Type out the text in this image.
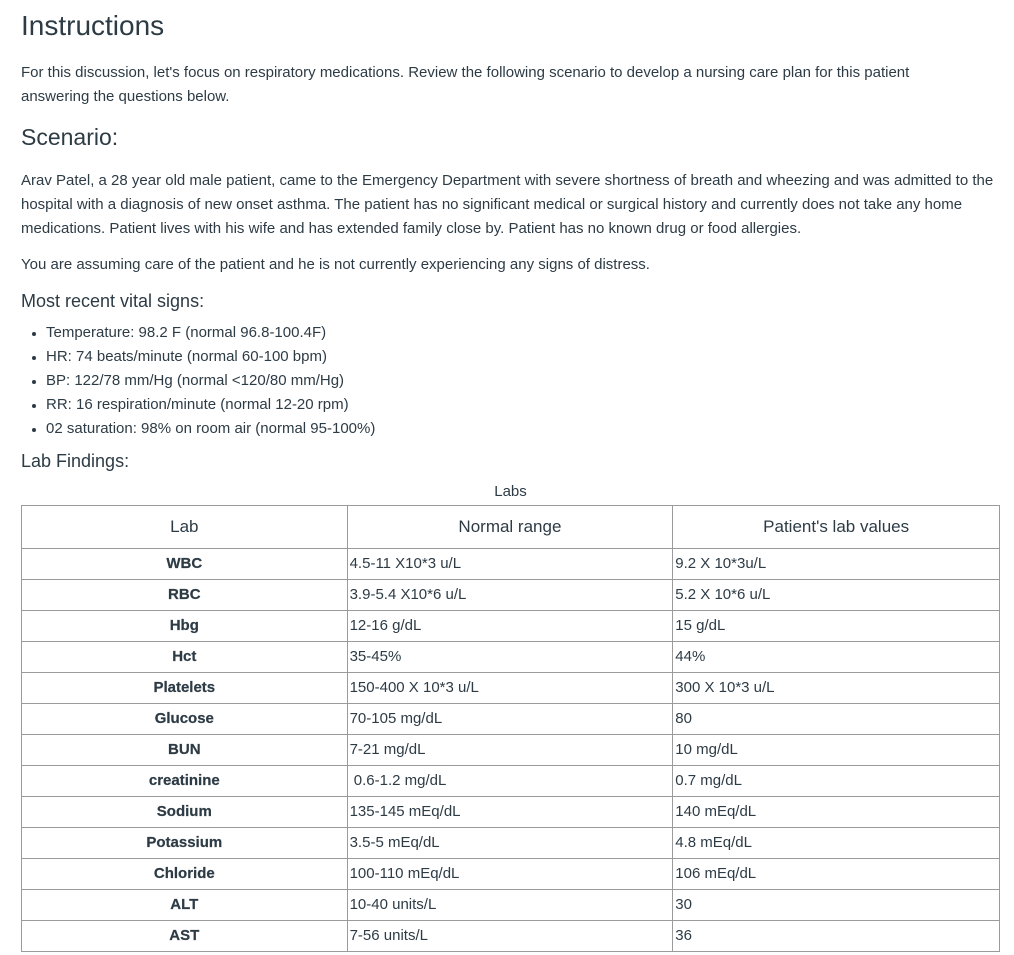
Instructions

For this discussion, let's focus on respiratory medications. Review the following scenario to develop a nursing care plan for this patient answering the questions below.

Scenario:

Arav Patel, a 28 year old male patient, came to the Emergency Department with severe shortness of breath and wheezing and was admitted to the hospital with a diagnosis of new onset asthma. The patient has no significant medical or surgical history and currently does not take any home medications. Patient lives with his wife and has extended family close by. Patient has no known drug or food allergies.

You are assuming care of the patient and he is not currently experiencing any signs of distress.

Most recent vital signs:
Temperature: 98.2 F (normal 96.8-100.4F)
HR: 74 beats/minute (normal 60-100 bpm)
BP: 122/78 mm/Hg (normal <120/80 mm/Hg)
RR: 16 respiration/minute (normal 12-20 rpm)
02 saturation: 98% on room air (normal 95-100%)
Lab Findings:
Labs
Lab	Normal range	Patient's lab values
WBC	4.5-11 X10*3 u/L	9.2 X 10*3u/L
RBC	3.9-5.4 X10*6 u/L	5.2 X 10*6 u/L
Hbg	12-16 g/dL	15 g/dL
Hct	35-45%	44%
Platelets	150-400 X 10*3 u/L	300 X 10*3 u/L
Glucose	70-105 mg/dL	80
BUN	7-21 mg/dL	10 mg/dL
creatinine	0.6-1.2 mg/dL	0.7 mg/dL
Sodium	135-145 mEq/dL	140 mEq/dL
Potassium	3.5-5 mEq/dL	4.8 mEq/dL
Chloride	100-110 mEq/dL	106 mEq/dL
ALT	10-40 units/L	30
AST	7-56 units/L	36
